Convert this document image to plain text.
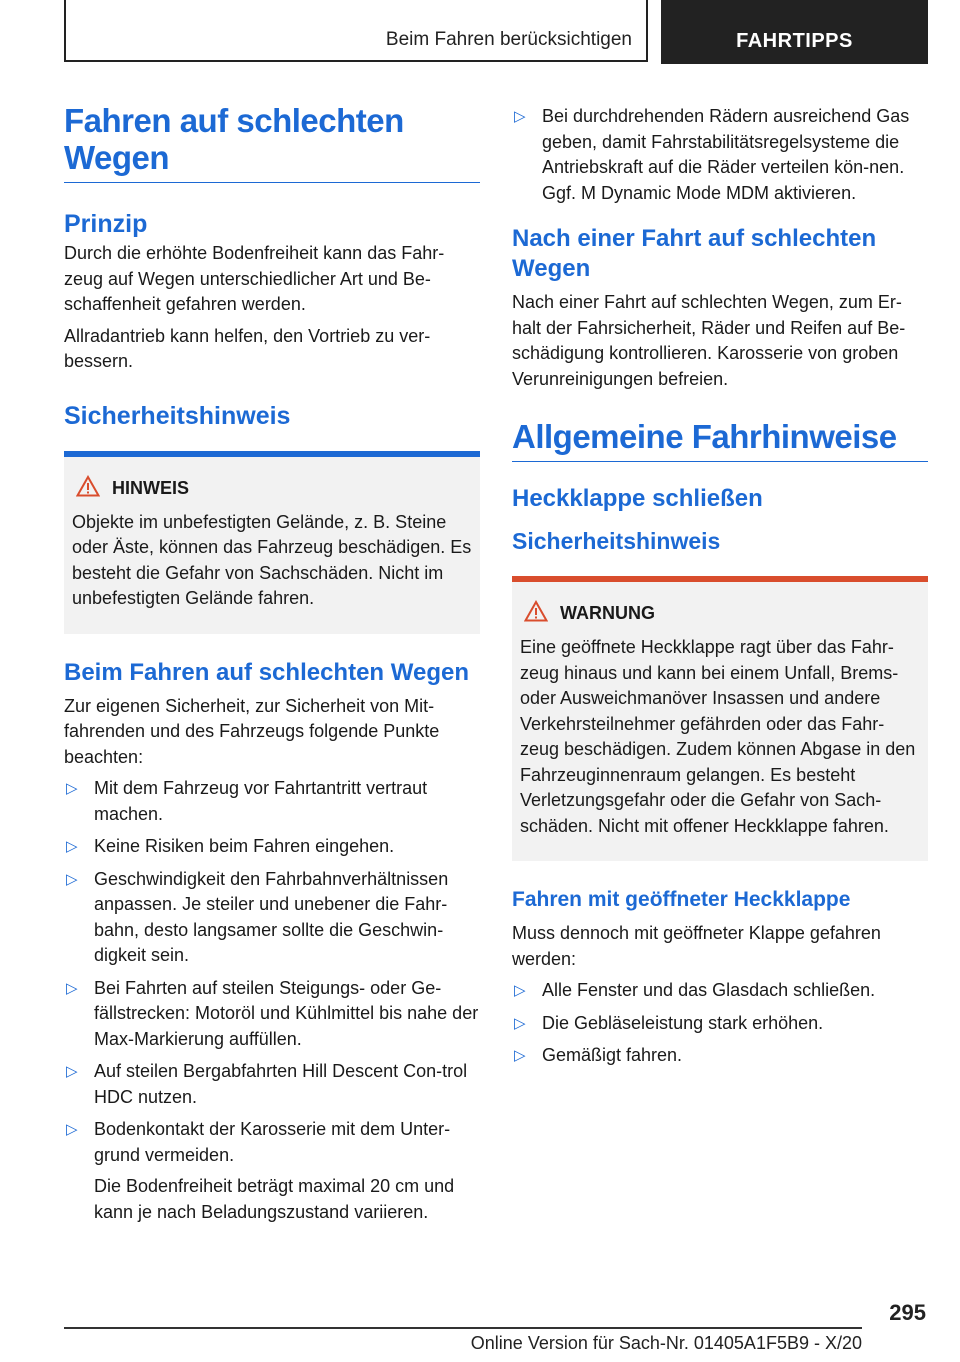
Beim Fahren berücksichtigen	FAHRTIPPS
Fahren auf schlechten Wegen
Prinzip

Durch die erhöhte Bodenfreiheit kann das Fahr-zeug auf Wegen unterschiedlicher Art und Be-schaffenheit gefahren werden.

Allradantrieb kann helfen, den Vortrieb zu ver-bessern.

Sicherheitshinweis
HINWEIS

Objekte im unbefestigten Gelände, z. B. Steine oder Äste, können das Fahrzeug beschädigen. Es besteht die Gefahr von Sachschäden. Nicht im unbefestigten Gelände fahren.

Beim Fahren auf schlechten Wegen

Zur eigenen Sicherheit, zur Sicherheit von Mit-fahrenden und des Fahrzeugs folgende Punkte beachten:

▷ Mit dem Fahrzeug vor Fahrtantritt vertraut machen.
▷ Keine Risiken beim Fahren eingehen.
▷ Geschwindigkeit den Fahrbahnverhältnissen anpassen. Je steiler und unebener die Fahr-bahn, desto langsamer sollte die Geschwin-digkeit sein.
▷ Bei Fahrten auf steilen Steigungs- oder Ge-fällstrecken: Motoröl und Kühlmittel bis nahe der Max-Markierung auffüllen.
▷ Auf steilen Bergabfahrten Hill Descent Con-trol HDC nutzen.
▷ Bodenkontakt der Karosserie mit dem Unter-grund vermeiden.
Die Bodenfreiheit beträgt maximal 20 cm und kann je nach Beladungszustand variieren.
▷ Bei durchdrehenden Rädern ausreichend Gas geben, damit Fahrstabilitätsregelsysteme die Antriebskraft auf die Räder verteilen kön-nen. Ggf. M Dynamic Mode MDM aktivieren.
Nach einer Fahrt auf schlechten Wegen

Nach einer Fahrt auf schlechten Wegen, zum Er-halt der Fahrsicherheit, Räder und Reifen auf Be-schädigung kontrollieren. Karosserie von groben Verunreinigungen befreien.

Allgemeine Fahrhinweise
Heckklappe schließen
Sicherheitshinweis
WARNUNG

Eine geöffnete Heckklappe ragt über das Fahr-zeug hinaus und kann bei einem Unfall, Brems-oder Ausweichmanöver Insassen und andere Verkehrsteilnehmer gefährden oder das Fahr-zeug beschädigen. Zudem können Abgase in den Fahrzeuginnenraum gelangen. Es besteht Verletzungsgefahr oder die Gefahr von Sach-schäden. Nicht mit offener Heckklappe fahren.

Fahren mit geöffneter Heckklappe

Muss dennoch mit geöffneter Klappe gefahren werden:

▷ Alle Fenster und das Glasdach schließen.
▷ Die Gebläseleistung stark erhöhen.
▷ Gemäßigt fahren.
295
Online Version für Sach-Nr. 01405A1F5B9 - X/20
